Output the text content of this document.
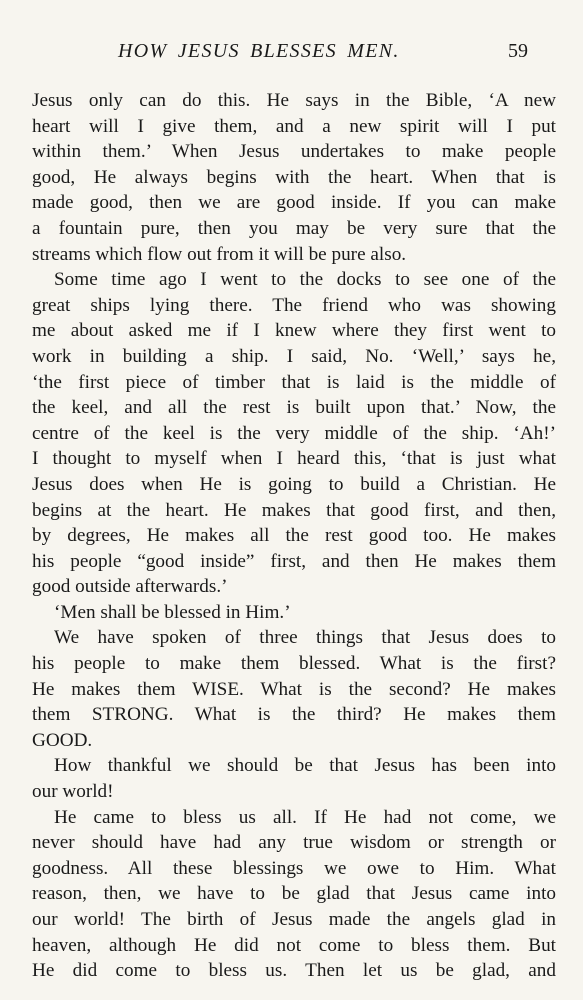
HOW JESUS BLESSES MEN.	59
Jesus only can do this. He says in the Bible, ‘A new
heart will I give them, and a new spirit will I put
within them.’ When Jesus undertakes to make people
good, He always begins with the heart. When that is
made good, then we are good inside. If you can make
a fountain pure, then you may be very sure that the
streams which flow out from it will be pure also.
Some time ago I went to the docks to see one of the
great ships lying there. The friend who was showing
me about asked me if I knew where they first went to
work in building a ship. I said, No. ‘Well,’ says he,
‘the first piece of timber that is laid is the middle of
the keel, and all the rest is built upon that.’ Now, the
centre of the keel is the very middle of the ship. ‘Ah!’
I thought to myself when I heard this, ‘that is just what
Jesus does when He is going to build a Christian. He
begins at the heart. He makes that good first, and then,
by degrees, He makes all the rest good too. He makes
his people “good inside” first, and then He makes them
good outside afterwards.’
‘Men shall be blessed in Him.’
We have spoken of three things that Jesus does to
his people to make them blessed. What is the first?
He makes them WISE. What is the second? He makes
them STRONG. What is the third? He makes them
GOOD.
How thankful we should be that Jesus has been into
our world!
He came to bless us all. If He had not come, we
never should have had any true wisdom or strength or
goodness. All these blessings we owe to Him. What
reason, then, we have to be glad that Jesus came into
our world! The birth of Jesus made the angels glad in
heaven, although He did not come to bless them. But
He did come to bless us. Then let us be glad, and
